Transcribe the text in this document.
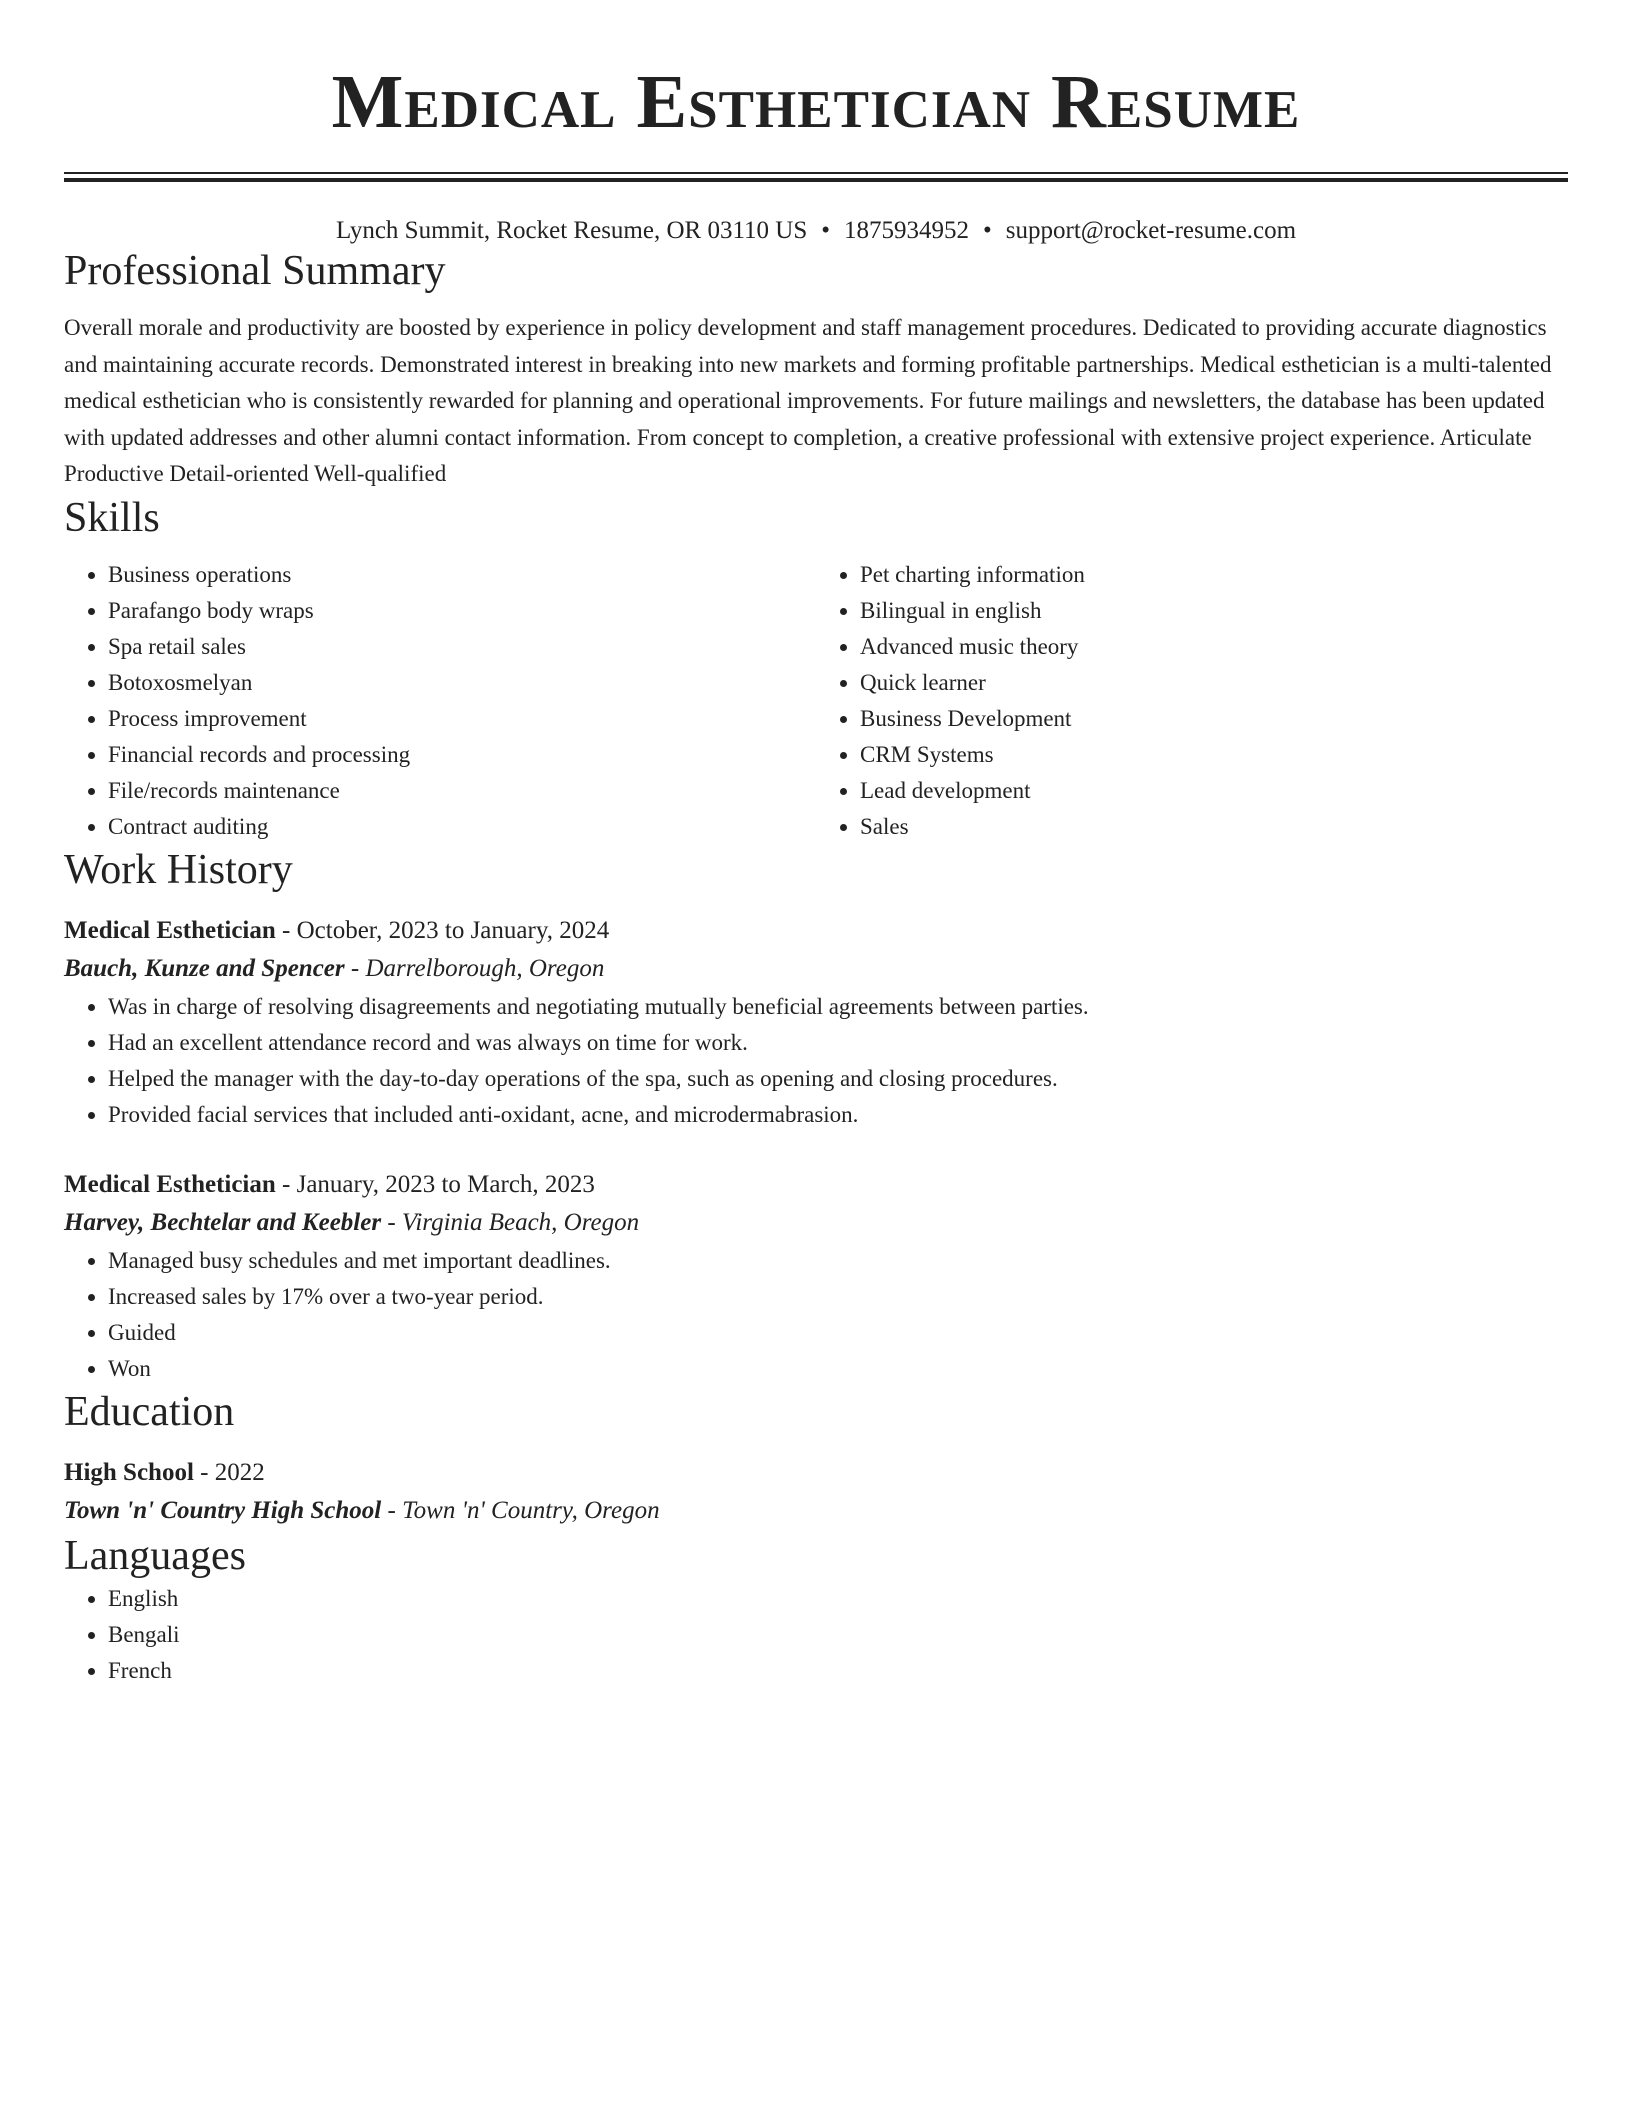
Medical Esthetician Resume
Lynch Summit, Rocket Resume, OR 03110 US • 1875934952 • support@rocket-resume.com
Professional Summary

Overall morale and productivity are boosted by experience in policy development and staff management procedures. Dedicated to providing accurate diagnostics and maintaining accurate records. Demonstrated interest in breaking into new markets and forming profitable partnerships. Medical esthetician is a multi-talented medical esthetician who is consistently rewarded for planning and operational improvements. For future mailings and newsletters, the database has been updated with updated addresses and other alumni contact information. From concept to completion, a creative professional with extensive project experience. Articulate Productive Detail-oriented Well-qualified

Skills
• Business operations
• Parafango body wraps
• Spa retail sales
• Botoxosmelyan
• Process improvement
• Financial records and processing
• File/records maintenance
• Contract auditing
• Pet charting information
• Bilingual in english
• Advanced music theory
• Quick learner
• Business Development
• CRM Systems
• Lead development
• Sales
Work History
Medical Esthetician - October, 2023 to January, 2024
Bauch, Kunze and Spencer - Darrelborough, Oregon
• Was in charge of resolving disagreements and negotiating mutually beneficial agreements between parties.
• Had an excellent attendance record and was always on time for work.
• Helped the manager with the day-to-day operations of the spa, such as opening and closing procedures.
• Provided facial services that included anti-oxidant, acne, and microdermabrasion.
Medical Esthetician - January, 2023 to March, 2023
Harvey, Bechtelar and Keebler - Virginia Beach, Oregon
• Managed busy schedules and met important deadlines.
• Increased sales by 17% over a two-year period.
• Guided
• Won
Education
High School - 2022
Town 'n' Country High School - Town 'n' Country, Oregon
Languages
• English
• Bengali
• French
